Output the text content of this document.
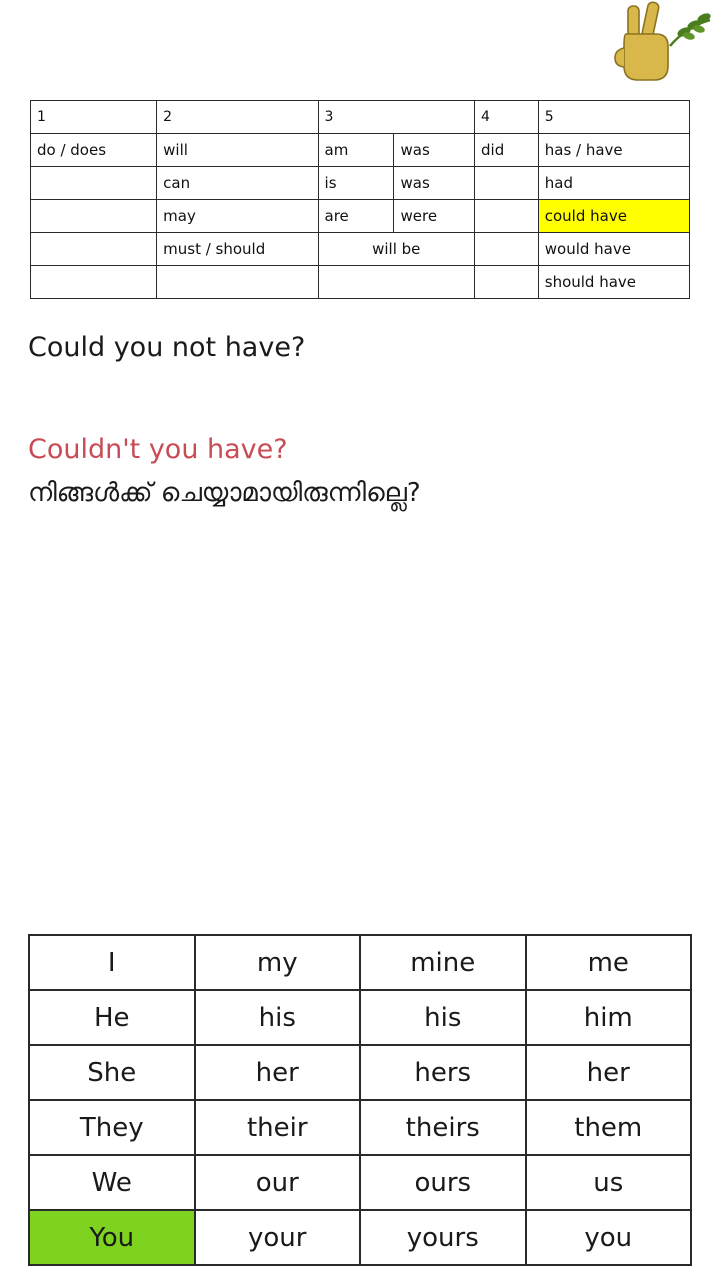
1	2	3		4	5
do / does	will	am	was	did	has / have
	can	is	was		had
	may	are	were		could have
	must / should	will be			would have
					should have
Could you not have?
Couldn't you have?
നിങ്ങൾക്ക് ചെയ്യാമായിരുന്നില്ലെ?
I	my	mine	me
He	his	his	him
She	her	hers	her
They	their	theirs	them
We	our	ours	us
You	your	yours	you
